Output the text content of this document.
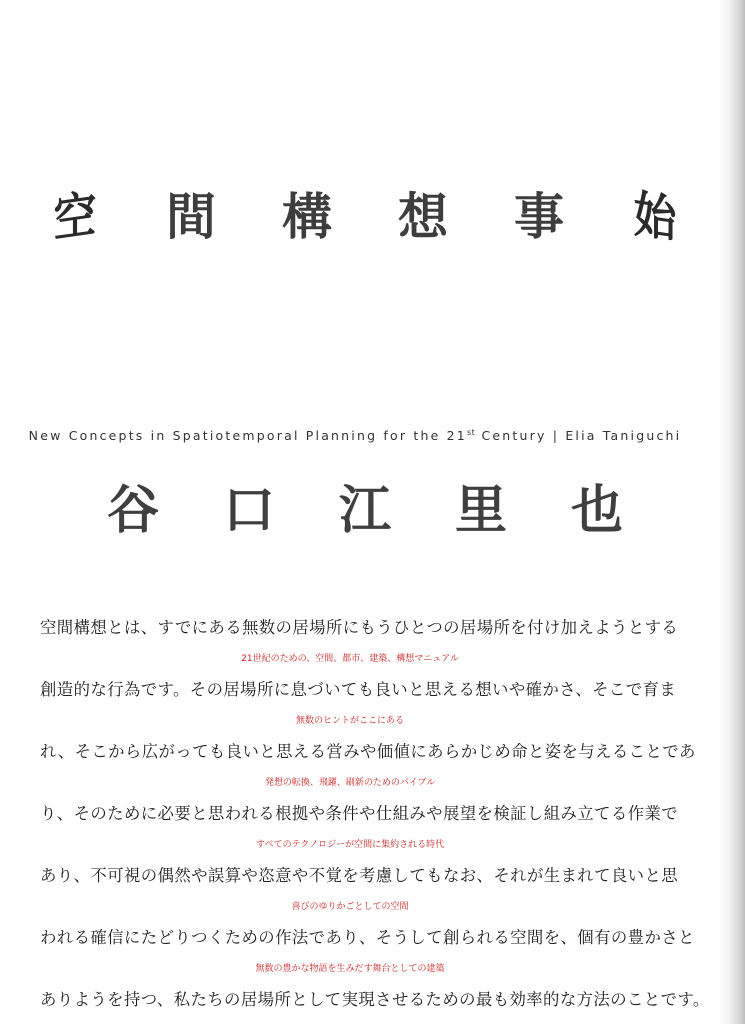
空 間 構 想 事 始
New Concepts in Spatiotemporal Planning for the 21st Century | Elia Taniguchi
谷 口 江 里 也
空間構想とは、すでにある無数の居場所にもうひとつの居場所を付け加えようとする
21世紀のための、空間、都市、建築、構想マニュアル
創造的な行為です。その居場所に息づいても良いと思える想いや確かさ、そこで育ま
無数のヒントがここにある
れ、そこから広がっても良いと思える営みや価値にあらかじめ命と姿を与えることであ
発想の転換、飛躍、刷新のためのバイブル
り、そのために必要と思われる根拠や条件や仕組みや展望を検証し組み立てる作業で
すべてのテクノロジーが空間に集約される時代
あり、不可視の偶然や誤算や恣意や不覚を考慮してもなお、それが生まれて良いと思
喜びのゆりかごとしての空間
われる確信にたどりつくための作法であり、そうして創られる空間を、個有の豊かさと
無数の豊かな物語を生みだす舞台としての建築
ありようを持つ、私たちの居場所として実現させるための最も効率的な方法のことです。
